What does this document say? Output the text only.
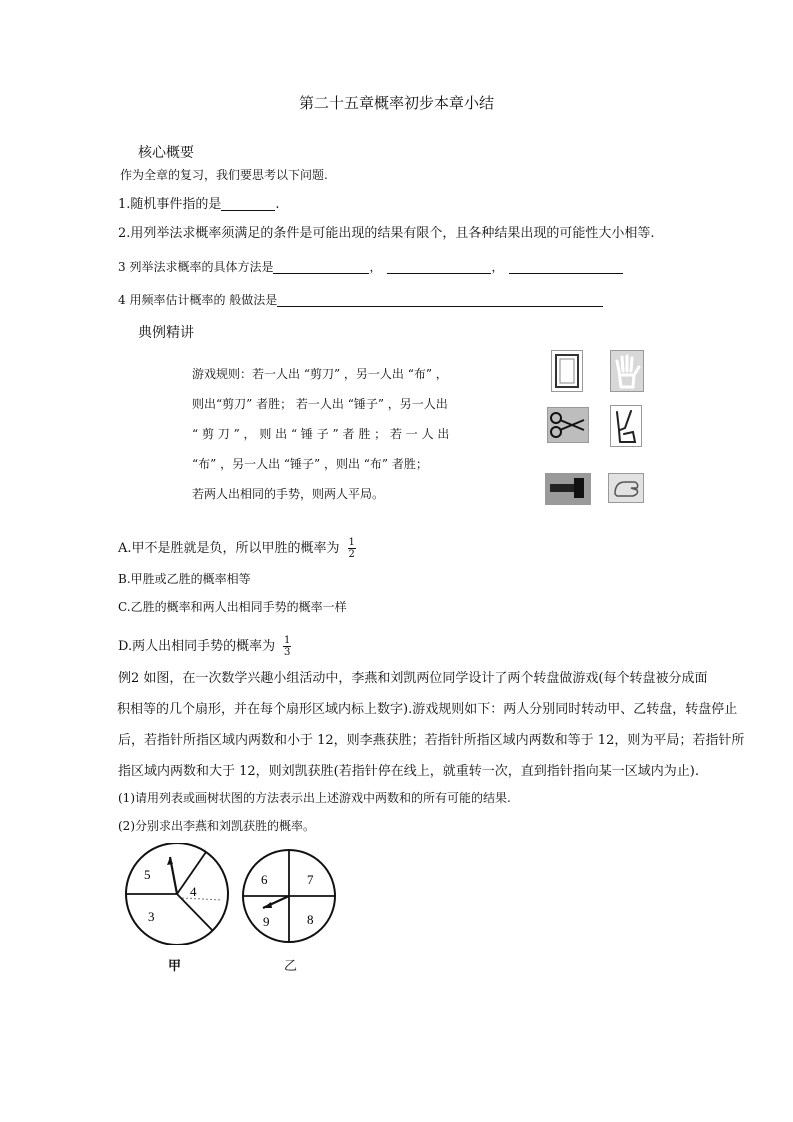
第二十五章概率初步本章小结
核心概要
作为全章的复习，我们要思考以下问题.
1.随机事件指的是	.
2.用列举法求概率须满足的条件是可能出现的结果有限个，且各种结果出现的可能性大小相等.
3 列举法求概率的具体方法是	，	，
4 用频率估计概率的 般做法是
典例精讲
游戏规则：若一人出 “剪刀” ，另一人出 “布” ，
则出“剪刀” 者胜； 若一人出 “锤子” ，另一人出
“ 剪 刀 ” ， 则 出 “ 锤 子 ” 者 胜 ； 若 一 人 出
“布” ，另一人出 “锤子” ，则出 “布” 者胜；
若两人出相同的手势，则两人平局。
A.甲不是胜就是负，所以甲胜的概率为 $\frac{1}{2}$
B.甲胜或乙胜的概率相等
C.乙胜的概率和两人出相同手势的概率一样
D.两人出相同手势的概率为 $\frac{1}{3}$
例2 如图，在一次数学兴趣小组活动中，李燕和刘凯两位同学设计了两个转盘做游戏(每个转盘被分成面
积相等的几个扇形，并在每个扇形区域内标上数字).游戏规则如下：两人分别同时转动甲、乙转盘，转盘停止
后，若指针所指区域内两数和小于 12，则李燕获胜；若指针所指区域内两数和等于 12，则为平局；若指针所
指区域内两数和大于 12，则刘凯获胜(若指针停在线上，就重转一次，直到指针指向某一区域内为止).
(1)请用列表或画树状图的方法表示出上述游戏中两数和的所有可能的结果.
(2)分别求出李燕和刘凯获胜的概率。
5
4
3
甲
6	7
9	8
乙
